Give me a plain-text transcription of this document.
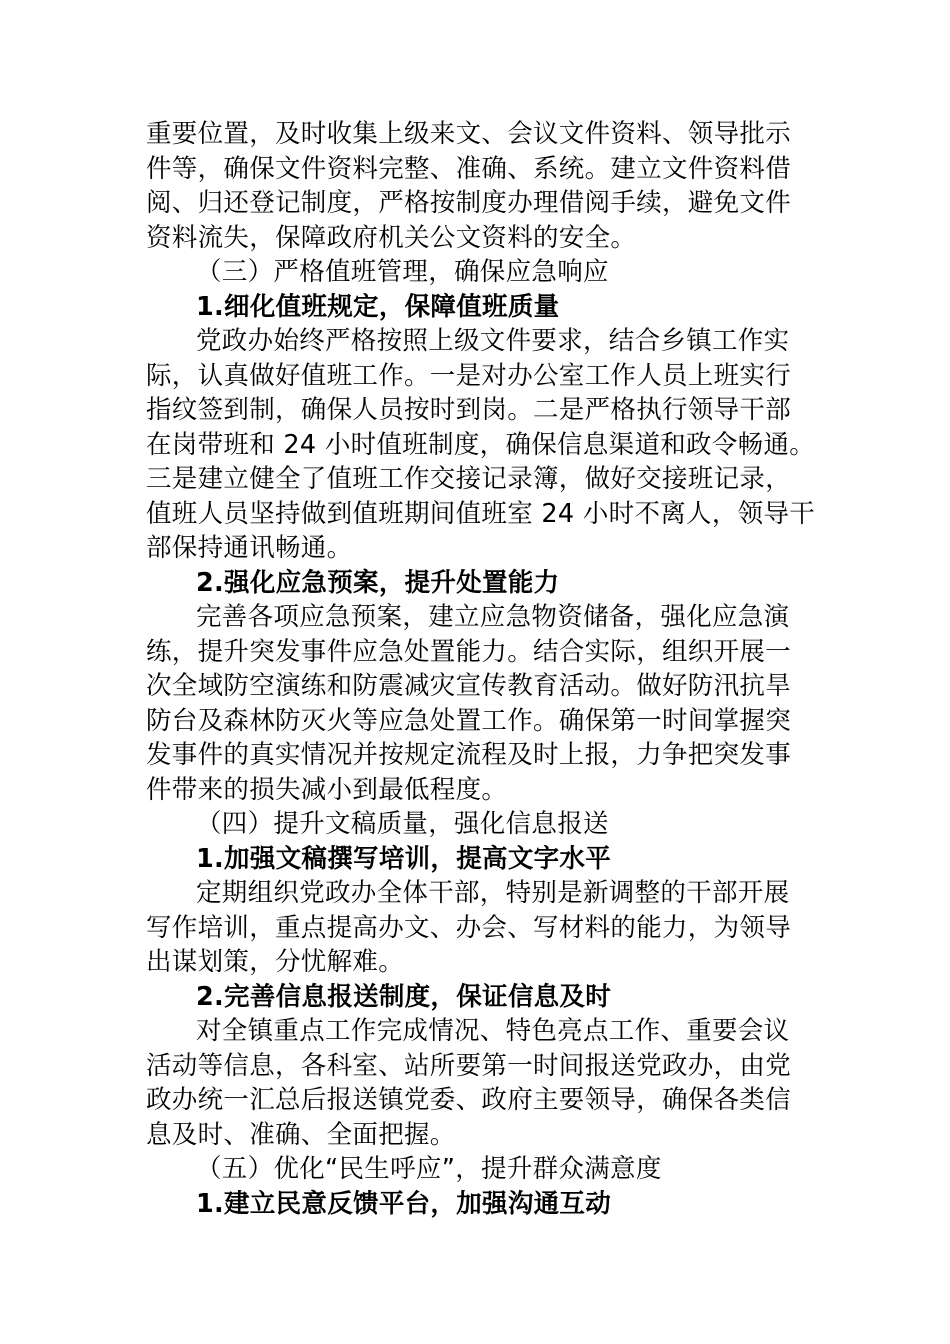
重要位置，及时收集上级来文、会议文件资料、领导批示
件等，确保文件资料完整、准确、系统。建立文件资料借
阅、归还登记制度，严格按制度办理借阅手续，避免文件
资料流失，保障政府机关公文资料的安全。
（三）严格值班管理，确保应急响应
1.细化值班规定，保障值班质量
党政办始终严格按照上级文件要求，结合乡镇工作实
际，认真做好值班工作。一是对办公室工作人员上班实行
指纹签到制，确保人员按时到岗。二是严格执行领导干部
在岗带班和 24 小时值班制度，确保信息渠道和政令畅通。
三是建立健全了值班工作交接记录簿，做好交接班记录，
值班人员坚持做到值班期间值班室 24 小时不离人，领导干
部保持通讯畅通。
2.强化应急预案，提升处置能力
完善各项应急预案，建立应急物资储备，强化应急演
练，提升突发事件应急处置能力。结合实际，组织开展一
次全域防空演练和防震减灾宣传教育活动。做好防汛抗旱
防台及森林防灭火等应急处置工作。确保第一时间掌握突
发事件的真实情况并按规定流程及时上报，力争把突发事
件带来的损失减小到最低程度。
（四）提升文稿质量，强化信息报送
1.加强文稿撰写培训，提高文字水平
定期组织党政办全体干部，特别是新调整的干部开展
写作培训，重点提高办文、办会、写材料的能力，为领导
出谋划策，分忧解难。
2.完善信息报送制度，保证信息及时
对全镇重点工作完成情况、特色亮点工作、重要会议
活动等信息，各科室、站所要第一时间报送党政办，由党
政办统一汇总后报送镇党委、政府主要领导，确保各类信
息及时、准确、全面把握。
（五）优化“民生呼应”，提升群众满意度
1.建立民意反馈平台，加强沟通互动
